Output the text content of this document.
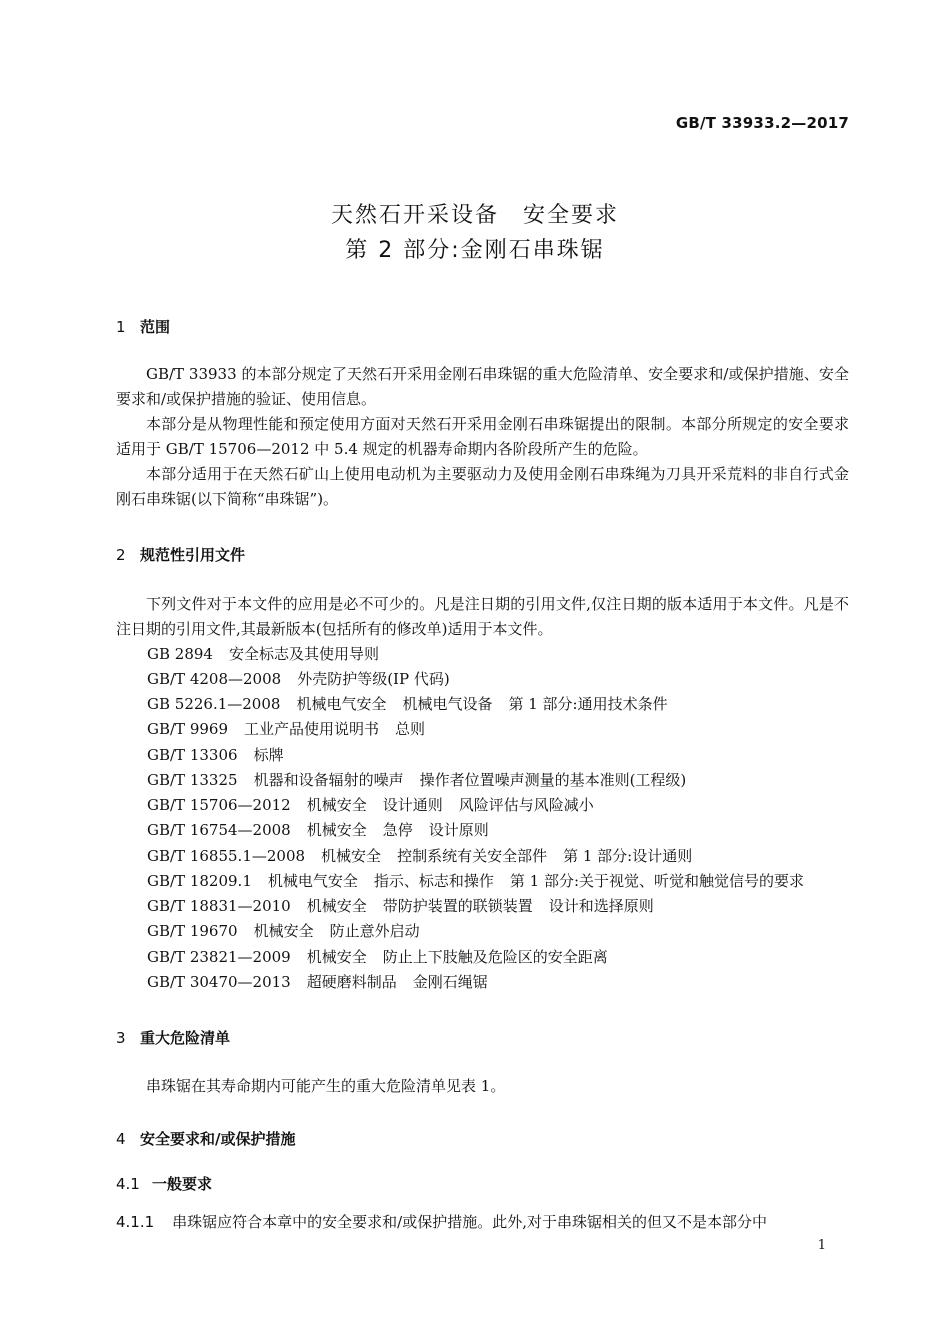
GB/T 33933.2—2017
天然石开采设备　安全要求
第 2 部分:金刚石串珠锯
1 范围
GB/T 33933 的本部分规定了天然石开采用金刚石串珠锯的重大危险清单、安全要求和/或保护措施、安全要求和/或保护措施的验证、使用信息。
本部分是从物理性能和预定使用方面对天然石开采用金刚石串珠锯提出的限制。本部分所规定的安全要求适用于 GB/T 15706—2012 中 5.4 规定的机器寿命期内各阶段所产生的危险。
本部分适用于在天然石矿山上使用电动机为主要驱动力及使用金刚石串珠绳为刀具开采荒料的非自行式金刚石串珠锯(以下简称“串珠锯”)。
2 规范性引用文件
下列文件对于本文件的应用是必不可少的。凡是注日期的引用文件,仅注日期的版本适用于本文件。凡是不注日期的引用文件,其最新版本(包括所有的修改单)适用于本文件。
GB 2894 安全标志及其使用导则
GB/T 4208—2008 外壳防护等级(IP 代码)
GB 5226.1—2008 机械电气安全 机械电气设备 第 1 部分:通用技术条件
GB/T 9969 工业产品使用说明书 总则
GB/T 13306 标牌
GB/T 13325 机器和设备辐射的噪声 操作者位置噪声测量的基本准则(工程级)
GB/T 15706—2012 机械安全 设计通则 风险评估与风险减小
GB/T 16754—2008 机械安全 急停 设计原则
GB/T 16855.1—2008 机械安全 控制系统有关安全部件 第 1 部分:设计通则
GB/T 18209.1 机械电气安全 指示、标志和操作 第 1 部分:关于视觉、听觉和触觉信号的要求
GB/T 18831—2010 机械安全 带防护装置的联锁装置 设计和选择原则
GB/T 19670 机械安全 防止意外启动
GB/T 23821—2009 机械安全 防止上下肢触及危险区的安全距离
GB/T 30470—2013 超硬磨料制品 金刚石绳锯
3 重大危险清单
串珠锯在其寿命期内可能产生的重大危险清单见表 1。
4 安全要求和/或保护措施
4.1 一般要求
4.1.1 串珠锯应符合本章中的安全要求和/或保护措施。此外,对于串珠锯相关的但又不是本部分中
1
